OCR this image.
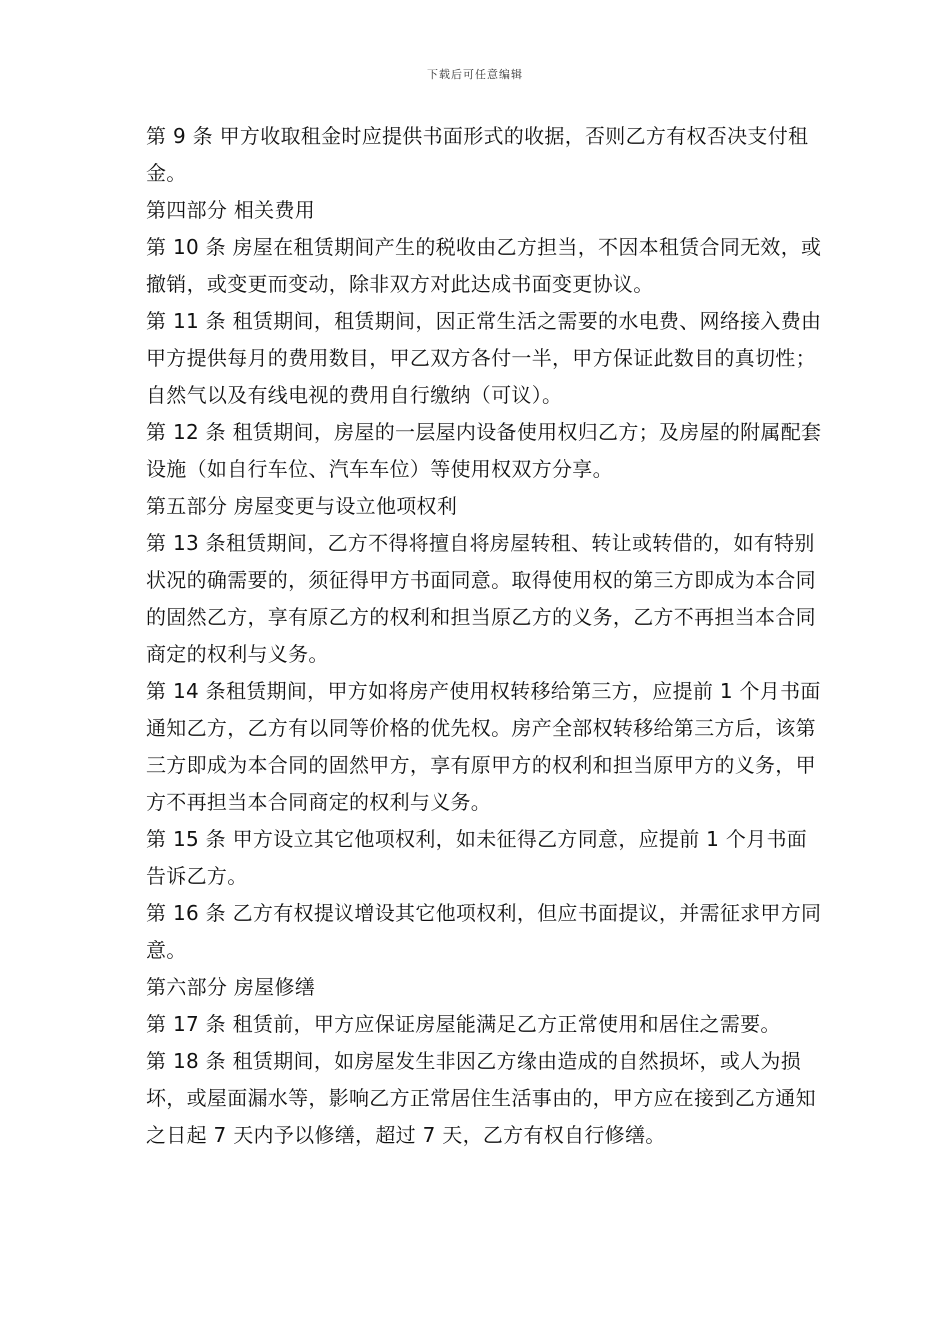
下载后可任意编辑

第 9 条 甲方收取租金时应提供书面形式的收据，否则乙方有权否决支付租金。

第四部分 相关费用

第 10 条 房屋在租赁期间产生的税收由乙方担当，不因本租赁合同无效，或撤销，或变更而变动，除非双方对此达成书面变更协议。

第 11 条 租赁期间，租赁期间，因正常生活之需要的水电费、网络接入费由甲方提供每月的费用数目，甲乙双方各付一半，甲方保证此数目的真切性；自然气以及有线电视的费用自行缴纳（可议）。

第 12 条 租赁期间，房屋的一层屋内设备使用权归乙方；及房屋的附属配套设施（如自行车位、汽车车位）等使用权双方分享。

第五部分 房屋变更与设立他项权利

第 13 条租赁期间，乙方不得将擅自将房屋转租、转让或转借的，如有特别状况的确需要的，须征得甲方书面同意。取得使用权的第三方即成为本合同的固然乙方，享有原乙方的权利和担当原乙方的义务，乙方不再担当本合同商定的权利与义务。

第 14 条租赁期间，甲方如将房产使用权转移给第三方，应提前 1 个月书面通知乙方，乙方有以同等价格的优先权。房产全部权转移给第三方后，该第三方即成为本合同的固然甲方，享有原甲方的权利和担当原甲方的义务，甲方不再担当本合同商定的权利与义务。

第 15 条 甲方设立其它他项权利，如未征得乙方同意，应提前 1 个月书面告诉乙方。

第 16 条 乙方有权提议增设其它他项权利，但应书面提议，并需征求甲方同意。

第六部分 房屋修缮

第 17 条 租赁前，甲方应保证房屋能满足乙方正常使用和居住之需要。

第 18 条 租赁期间，如房屋发生非因乙方缘由造成的自然损坏，或人为损坏，或屋面漏水等，影响乙方正常居住生活事由的，甲方应在接到乙方通知之日起 7 天内予以修缮，超过 7 天，乙方有权自行修缮。
